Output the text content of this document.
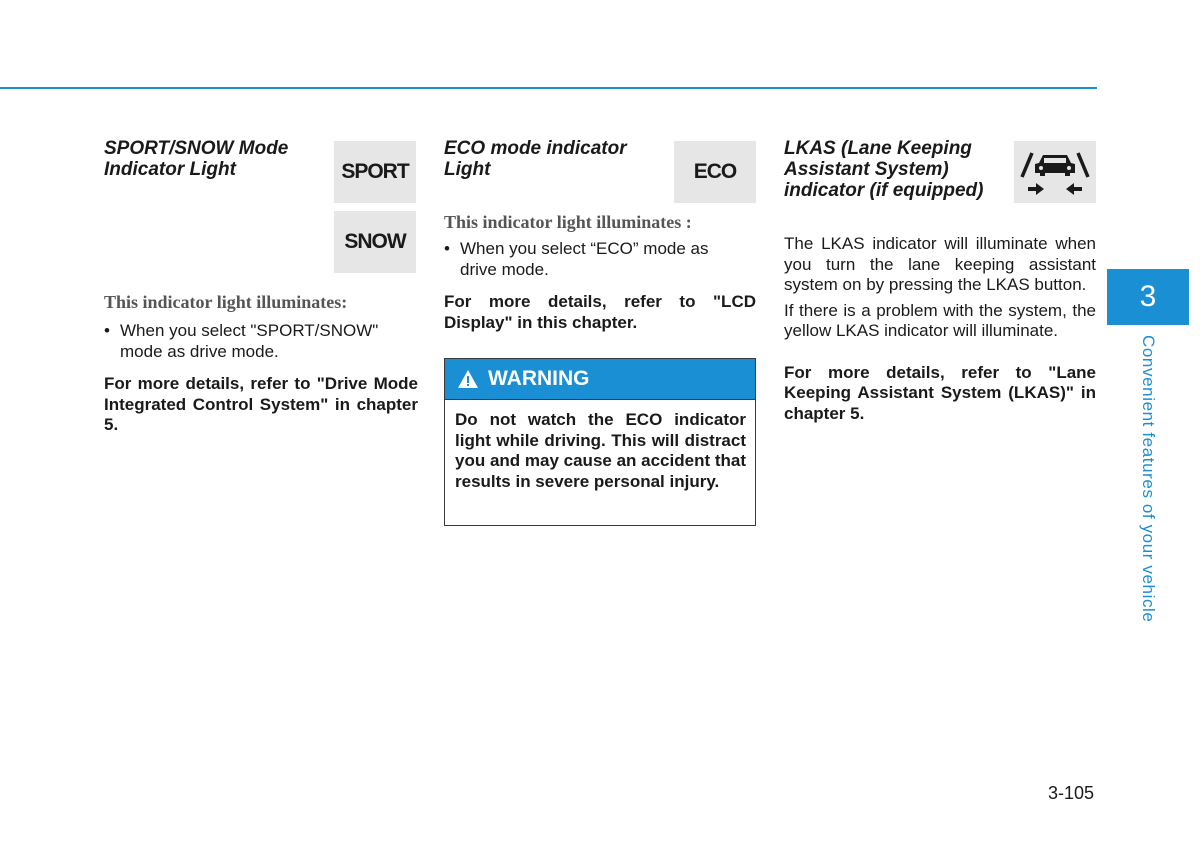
SPORT/SNOW Mode
Indicator Light	SPORT
SNOW

This indicator light illuminates:

• When you select "SPORT/SNOW"
mode as drive mode.

For more details, refer to "Drive Mode Integrated Control System" in chapter 5.

ECO mode indicator
Light	ECO

This indicator light illuminates :

• When you select “ECO” mode as
drive mode.

For more details, refer to "LCD Display" in this chapter.

WARNING
Do not watch the ECO indicator light while driving. This will distract you and may cause an accident that results in severe personal injury.

LKAS (Lane Keeping
Assistant System)
indicator (if equipped)

The LKAS indicator will illuminate when you turn the lane keeping assistant system on by pressing the LKAS button.

If there is a problem with the system, the yellow LKAS indicator will illuminate.

For more details, refer to "Lane Keeping Assistant System (LKAS)" in chapter 5.

3
Convenient features of your vehicle
3-105
